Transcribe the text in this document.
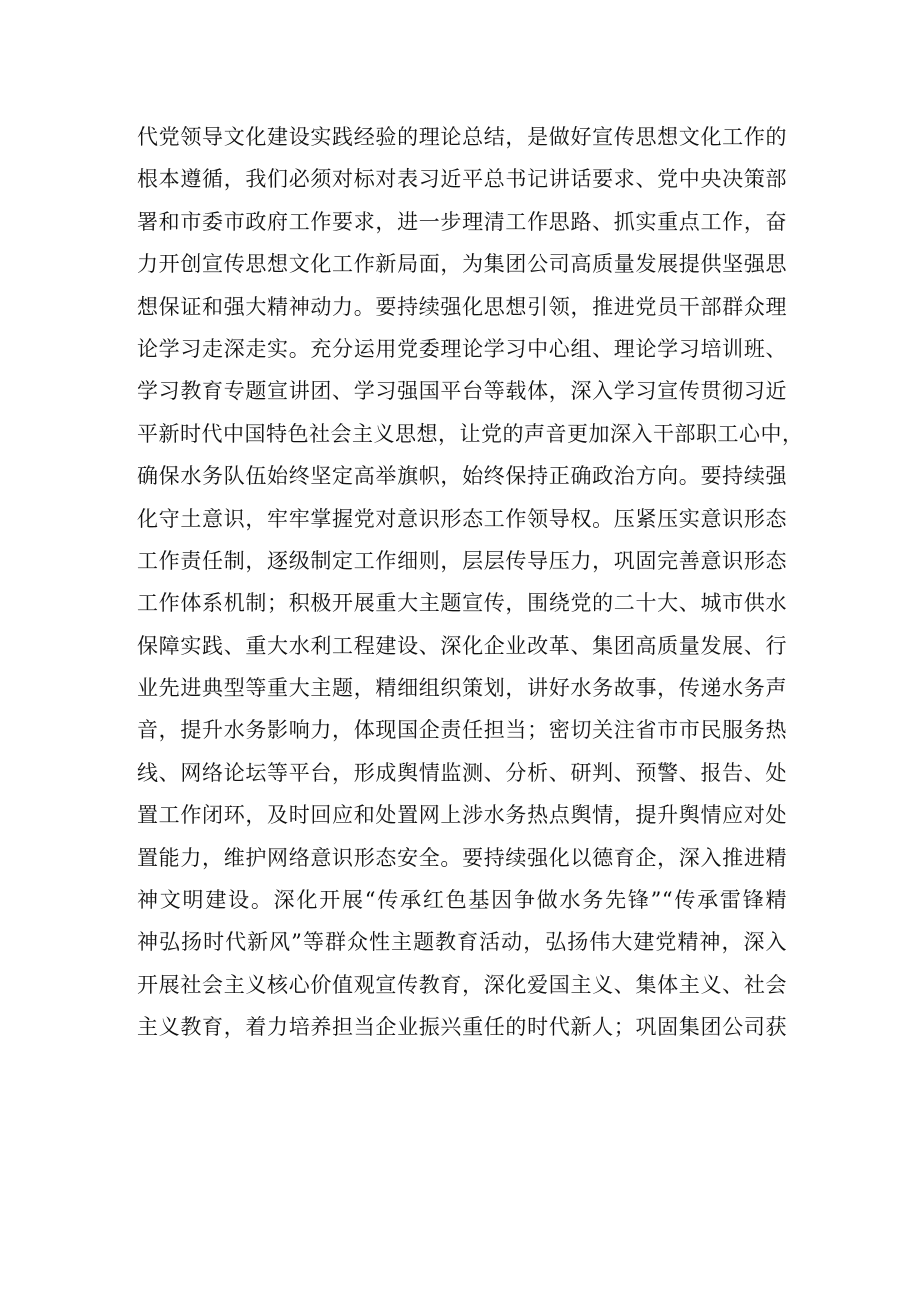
代党领导文化建设实践经验的理论总结，是做好宣传思想文化工作的
根本遵循，我们必须对标对表习近平总书记讲话要求、党中央决策部
署和市委市政府工作要求，进一步理清工作思路、抓实重点工作，奋
力开创宣传思想文化工作新局面，为集团公司高质量发展提供坚强思
想保证和强大精神动力。要持续强化思想引领，推进党员干部群众理
论学习走深走实。充分运用党委理论学习中心组、理论学习培训班、
学习教育专题宣讲团、学习强国平台等载体，深入学习宣传贯彻习近
平新时代中国特色社会主义思想，让党的声音更加深入干部职工心中，
确保水务队伍始终坚定高举旗帜，始终保持正确政治方向。要持续强
化守土意识，牢牢掌握党对意识形态工作领导权。压紧压实意识形态
工作责任制，逐级制定工作细则，层层传导压力，巩固完善意识形态
工作体系机制；积极开展重大主题宣传，围绕党的二十大、城市供水
保障实践、重大水利工程建设、深化企业改革、集团高质量发展、行
业先进典型等重大主题，精细组织策划，讲好水务故事，传递水务声
音，提升水务影响力，体现国企责任担当；密切关注省市市民服务热
线、网络论坛等平台，形成舆情监测、分析、研判、预警、报告、处
置工作闭环，及时回应和处置网上涉水务热点舆情，提升舆情应对处
置能力，维护网络意识形态安全。要持续强化以德育企，深入推进精
神文明建设。深化开展“传承红色基因争做水务先锋”“传承雷锋精
神弘扬时代新风”等群众性主题教育活动，弘扬伟大建党精神，深入
开展社会主义核心价值观宣传教育，深化爱国主义、集体主义、社会
主义教育，着力培养担当企业振兴重任的时代新人；巩固集团公司获
